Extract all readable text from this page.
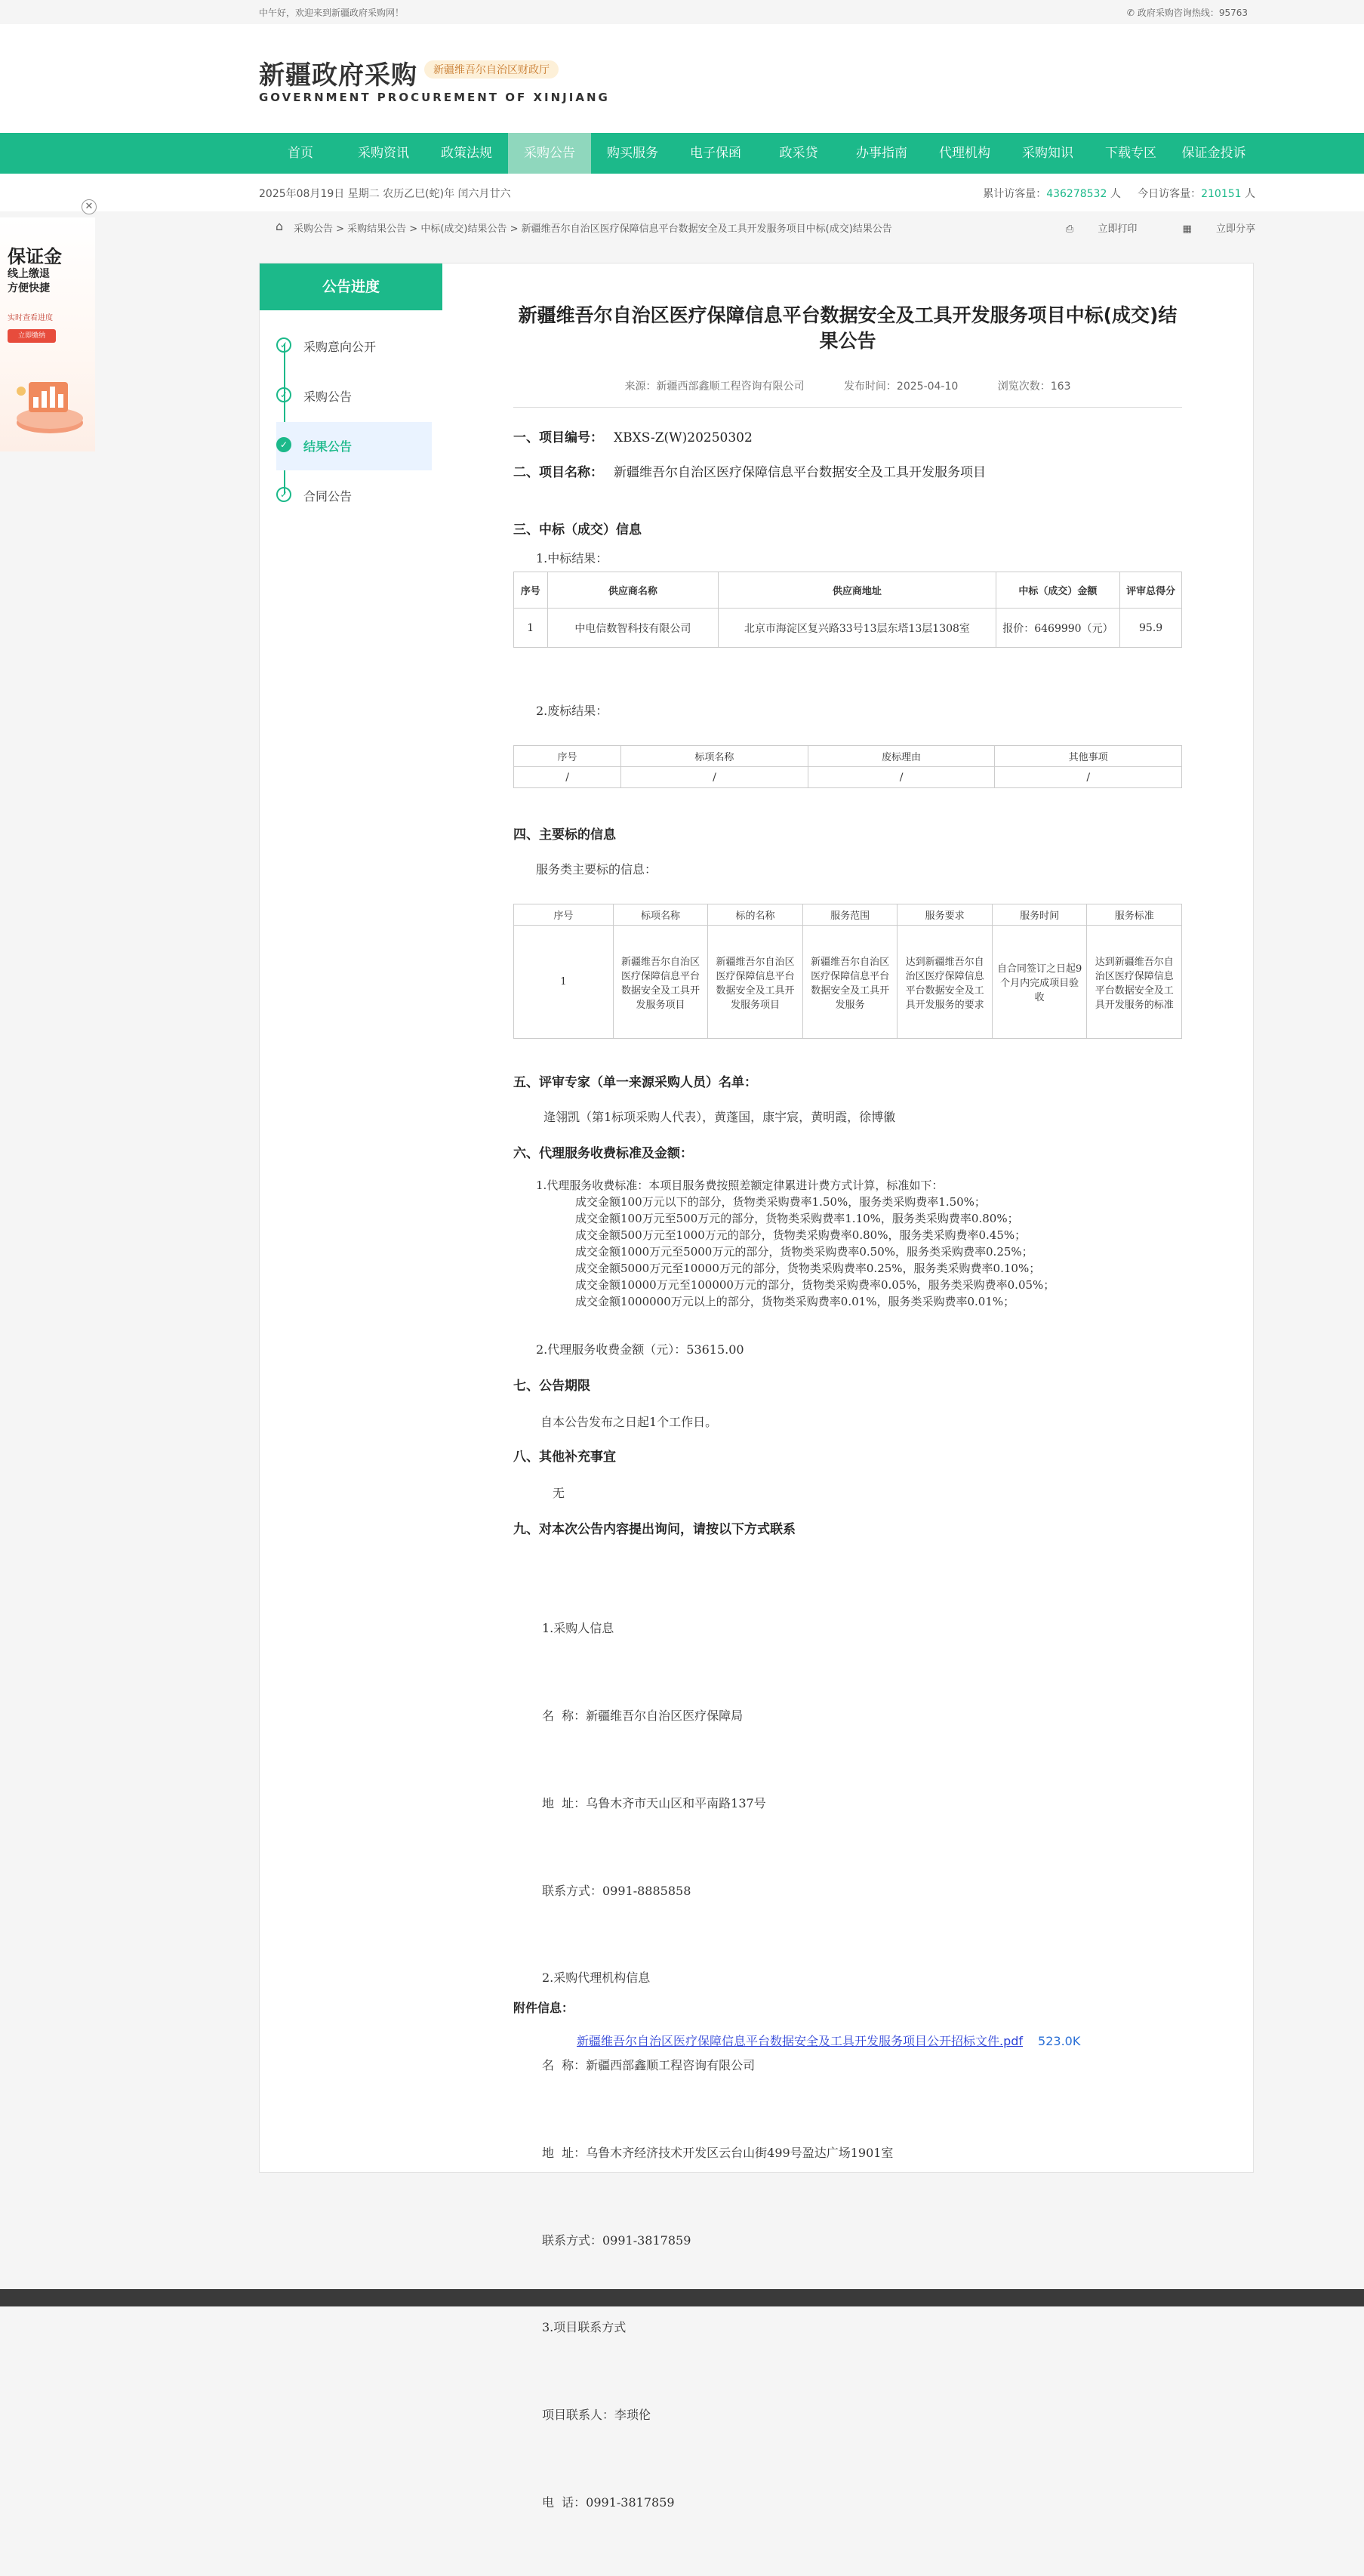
中午好，欢迎来到新疆政府采购网！	✆ 政府采购咨询热线：95763
新疆政府采购	新疆维吾尔自治区财政厅
GOVERNMENT PROCUREMENT OF XINJIANG
首页	采购资讯	政策法规	采购公告	购买服务	电子保函	政采贷	办事指南	代理机构	采购知识	下载专区	保证金投诉
2025年08月19日 星期二 农历乙巳(蛇)年 闰六月廿六	累计访客量：436278532 人 今日访客量：210151 人
⌂ 采购公告 > 采购结果公告 > 中标(成交)结果公告 > 新疆维吾尔自治区医疗保障信息平台数据安全及工具开发服务项目中标(成交)结果公告	⎙ 立即打印	▦ 立即分享
公告进度
✓	采购意向公开
✓	采购公告
✓	结果公告
✓	合同公告
新疆维吾尔自治区医疗保障信息平台数据安全及工具开发服务项目中标(成交)结果公告
来源：新疆西部鑫顺工程咨询有限公司	发布时间：2025-04-10	浏览次数：163
一、项目编号： XBXS-Z(W)20250302
二、项目名称： 新疆维吾尔自治区医疗保障信息平台数据安全及工具开发服务项目
三、中标（成交）信息
1.中标结果：
序号	供应商名称	供应商地址	中标（成交）金额	评审总得分
1	中电信数智科技有限公司	北京市海淀区复兴路33号13层东塔13层1308室	报价：6469990（元）	95.9
2.废标结果：
序号	标项名称	废标理由	其他事项
/	/	/	/
四、主要标的信息
服务类主要标的信息：
序号	标项名称	标的名称	服务范围	服务要求	服务时间	服务标准
1	新疆维吾尔自治区医疗保障信息平台数据安全及工具开发服务项目	新疆维吾尔自治区医疗保障信息平台数据安全及工具开发服务项目	新疆维吾尔自治区医疗保障信息平台数据安全及工具开发服务	达到新疆维吾尔自治区医疗保障信息平台数据安全及工具开发服务的要求	自合同签订之日起9个月内完成项目验收	达到新疆维吾尔自治区医疗保障信息平台数据安全及工具开发服务的标准
五、评审专家（单一来源采购人员）名单：
逄翎凯（第1标项采购人代表），黄蓬国，康宇宸，黄明霞，徐博徽
六、代理服务收费标准及金额：
1.代理服务收费标准：本项目服务费按照差额定律累进计费方式计算，标准如下：
成交金额100万元以下的部分，货物类采购费率1.50%，服务类采购费率1.50%；
成交金额100万元至500万元的部分，货物类采购费率1.10%，服务类采购费率0.80%；
成交金额500万元至1000万元的部分，货物类采购费率0.80%，服务类采购费率0.45%；
成交金额1000万元至5000万元的部分，货物类采购费率0.50%，服务类采购费率0.25%；
成交金额5000万元至10000万元的部分，货物类采购费率0.25%，服务类采购费率0.10%；
成交金额10000万元至100000万元的部分，货物类采购费率0.05%，服务类采购费率0.05%；
成交金额1000000万元以上的部分，货物类采购费率0.01%，服务类采购费率0.01%；
2.代理服务收费金额（元）：53615.00
七、公告期限
自本公告发布之日起1个工作日。
八、其他补充事宜
无
九、对本次公告内容提出询问，请按以下方式联系

1.采购人信息

名  称：新疆维吾尔自治区医疗保障局

地  址：乌鲁木齐市天山区和平南路137号

联系方式：0991-8885858

2.采购代理机构信息

名  称：新疆西部鑫顺工程咨询有限公司

地  址：乌鲁木齐经济技术开发区云台山街499号盈达广场1901室

联系方式：0991-3817859

3.项目联系方式

项目联系人：李琐伦

电  话：0991-3817859

附件信息：
新疆维吾尔自治区医疗保障信息平台数据安全及工具开发服务项目公开招标文件.pdf 523.0K
✕
保证金
线上缴退
方便快捷
实时查看进度
立即缴纳
